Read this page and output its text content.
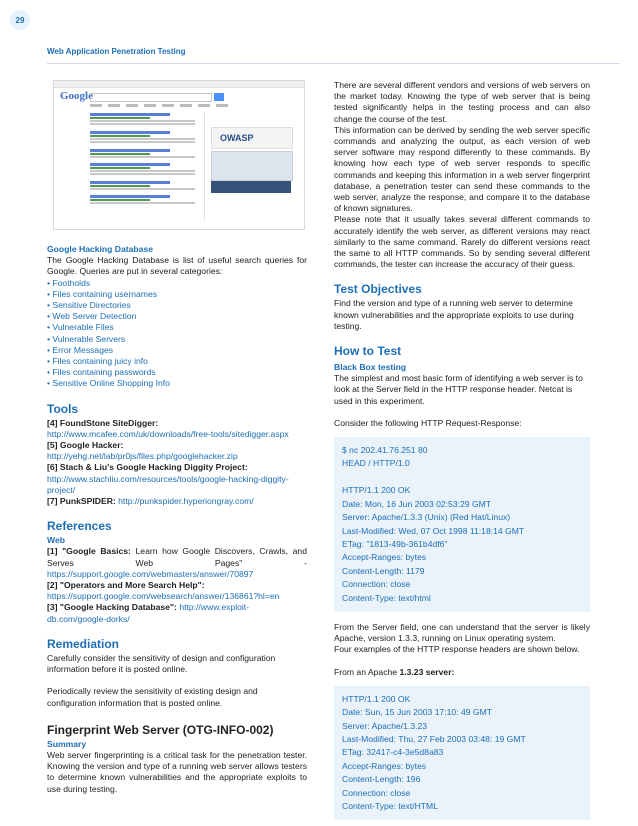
29
Web Application Penetration Testing
Google
OWASP

Google Hacking Database

The Google Hacking Database is list of useful search queries for Google. Queries are put in several categories:

• Footholds
• Files containing usernames
• Sensitive Directories
• Web Server Detection
• Vulnerable Files
• Vulnerable Servers
• Error Messages
• Files containing juicy info
• Files containing passwords
• Sensitive Online Shopping Info

Tools

[4] FoundStone SiteDigger: http://www.mcafee.com/uk/downloads/free-tools/sitedigger.aspx

[5] Google Hacker: http://yehg.net/lab/pr0js/files.php/googlehacker.zip

[6] Stach & Liu's Google Hacking Diggity Project: http://www.stachliu.com/resources/tools/google-hacking-diggity-project/

[7] PunkSPIDER: http://punkspider.hyperiongray.com/

References

Web

[1] "Google Basics: Learn how Google Discovers, Crawls, and Serves Web Pages" - https://support.google.com/webmasters/answer/70897

[2] "Operators and More Search Help": https://support.google.com/websearch/answer/136861?hl=en

[3] "Google Hacking Database": http://www.exploit-db.com/google-dorks/

Remediation

Carefully consider the sensitivity of design and configuration information before it is posted online.

Periodically review the sensitivity of existing design and configuration information that is posted online.

Fingerprint Web Server (OTG-INFO-002)

Summary

Web server fingerprinting is a critical task for the penetration tester. Knowing the version and type of a running web server allows testers to determine known vulnerabilities and the appropriate exploits to use during testing.

There are several different vendors and versions of web servers on the market today. Knowing the type of web server that is being tested significantly helps in the testing process and can also change the course of the test.

This information can be derived by sending the web server specific commands and analyzing the output, as each version of web server software may respond differently to these commands. By knowing how each type of web server responds to specific commands and keeping this information in a web server fingerprint database, a penetration tester can send these commands to the web server, analyze the response, and compare it to the database of known signatures.

Please note that it usually takes several different commands to accurately identify the web server, as different versions may react similarly to the same command. Rarely do different versions react the same to all HTTP commands. So by sending several different commands, the tester can increase the accuracy of their guess.

Test Objectives

Find the version and type of a running web server to determine known vulnerabilities and the appropriate exploits to use during testing.

How to Test

Black Box testing

The simplest and most basic form of identifying a web server is to look at the Server field in the HTTP response header. Netcat is used in this experiment.

Consider the following HTTP Request-Response:

$ nc 202.41.76.251 80
HEAD / HTTP/1.0

HTTP/1.1 200 OK
Date: Mon, 16 Jun 2003 02:53:29 GMT
Server: Apache/1.3.3 (Unix) (Red Hat/Linux)
Last-Modified: Wed, 07 Oct 1998 11:18:14 GMT
ETag: "1813-49b-361b4df6"
Accept-Ranges: bytes
Content-Length: 1179
Connection: close
Content-Type: text/html

From the Server field, one can understand that the server is likely Apache, version 1.3.3, running on Linux operating system.

Four examples of the HTTP response headers are shown below.

From an Apache 1.3.23 server:

HTTP/1.1 200 OK
Date: Sun, 15 Jun 2003 17:10: 49 GMT
Server: Apache/1.3.23
Last-Modified: Thu, 27 Feb 2003 03:48: 19 GMT
ETag: 32417-c4-3e5d8a83
Accept-Ranges: bytes
Content-Length: 196
Connection: close
Content-Type: text/HTML
